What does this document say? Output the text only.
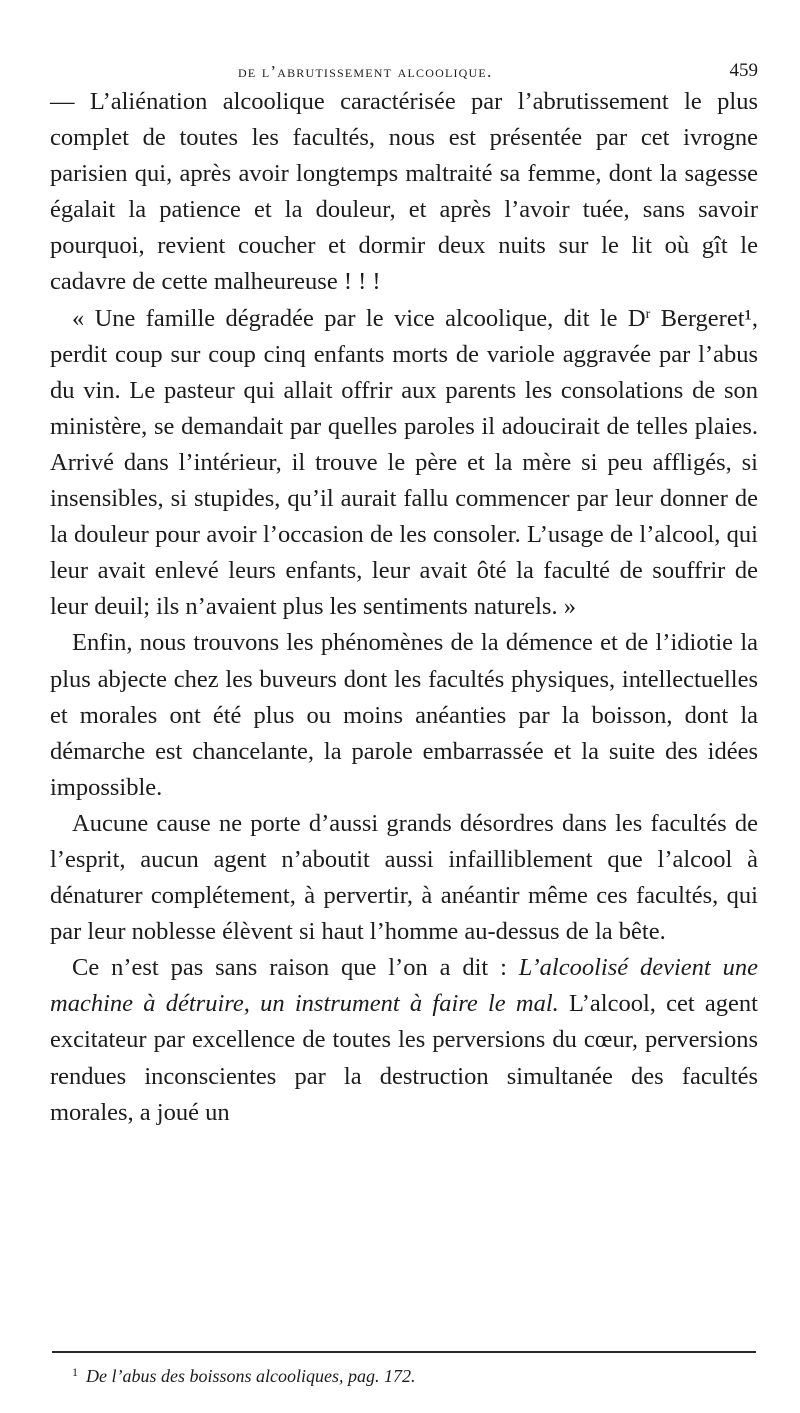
de l’abrutissement alcoolique.	459

— L’aliénation alcoolique caractérisée par l’abrutissement le plus complet de toutes les facultés, nous est présentée par cet ivrogne parisien qui, après avoir longtemps maltraité sa femme, dont la sagesse égalait la patience et la douleur, et après l’avoir tuée, sans savoir pourquoi, revient coucher et dormir deux nuits sur le lit où gît le cadavre de cette malheureuse ! ! !

« Une famille dégradée par le vice alcoolique, dit le $D^r$ Bergeret¹, perdit coup sur coup cinq enfants morts de variole aggravée par l’abus du vin. Le pasteur qui allait offrir aux parents les consolations de son ministère, se demandait par quelles paroles il adoucirait de telles plaies. Arrivé dans l’intérieur, il trouve le père et la mère si peu affligés, si insensibles, si stupides, qu’il aurait fallu commencer par leur donner de la douleur pour avoir l’occasion de les consoler. L’usage de l’alcool, qui leur avait enlevé leurs enfants, leur avait ôté la faculté de souffrir de leur deuil; ils n’avaient plus les sentiments naturels. »

Enfin, nous trouvons les phénomènes de la démence et de l’idiotie la plus abjecte chez les buveurs dont les facultés physiques, intellectuelles et morales ont été plus ou moins anéanties par la boisson, dont la démarche est chancelante, la parole embarrassée et la suite des idées impossible.

Aucune cause ne porte d’aussi grands désordres dans les facultés de l’esprit, aucun agent n’aboutit aussi infailliblement que l’alcool à dénaturer complétement, à pervertir, à anéantir même ces facultés, qui par leur noblesse élèvent si haut l’homme au-dessus de la bête.

Ce n’est pas sans raison que l’on a dit : L’alcoolisé devient une machine à détruire, un instrument à faire le mal. L’alcool, cet agent excitateur par excellence de toutes les perversions du cœur, perversions rendues inconscientes par la destruction simultanée des facultés morales, a joué un

$^1$ De l’abus des boissons alcooliques, pag. 172.
